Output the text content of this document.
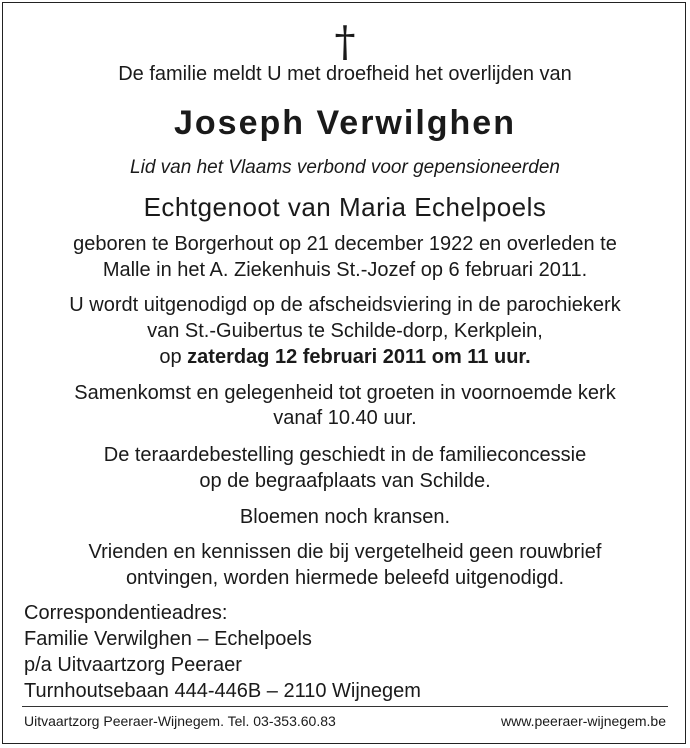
†
De familie meldt U met droefheid het overlijden van
Joseph Verwilghen
Lid van het Vlaams verbond voor gepensioneerden
Echtgenoot van Maria Echelpoels
geboren te Borgerhout op 21 december 1922 en overleden te
Malle in het A. Ziekenhuis St.-Jozef op 6 februari 2011.
U wordt uitgenodigd op de afscheidsviering in de parochiekerk
van St.-Guibertus te Schilde-dorp, Kerkplein,
op zaterdag 12 februari 2011 om 11 uur.
Samenkomst en gelegenheid tot groeten in voornoemde kerk
vanaf 10.40 uur.
De teraardebestelling geschiedt in de familieconcessie
op de begraafplaats van Schilde.
Bloemen noch kransen.
Vrienden en kennissen die bij vergetelheid geen rouwbrief
ontvingen, worden hiermede beleefd uitgenodigd.
Correspondentieadres:
Familie Verwilghen – Echelpoels
p/a Uitvaartzorg Peeraer
Turnhoutsebaan 444-446B – 2110 Wijnegem
Uitvaartzorg Peeraer-Wijnegem. Tel. 03-353.60.83	www.peeraer-wijnegem.be
